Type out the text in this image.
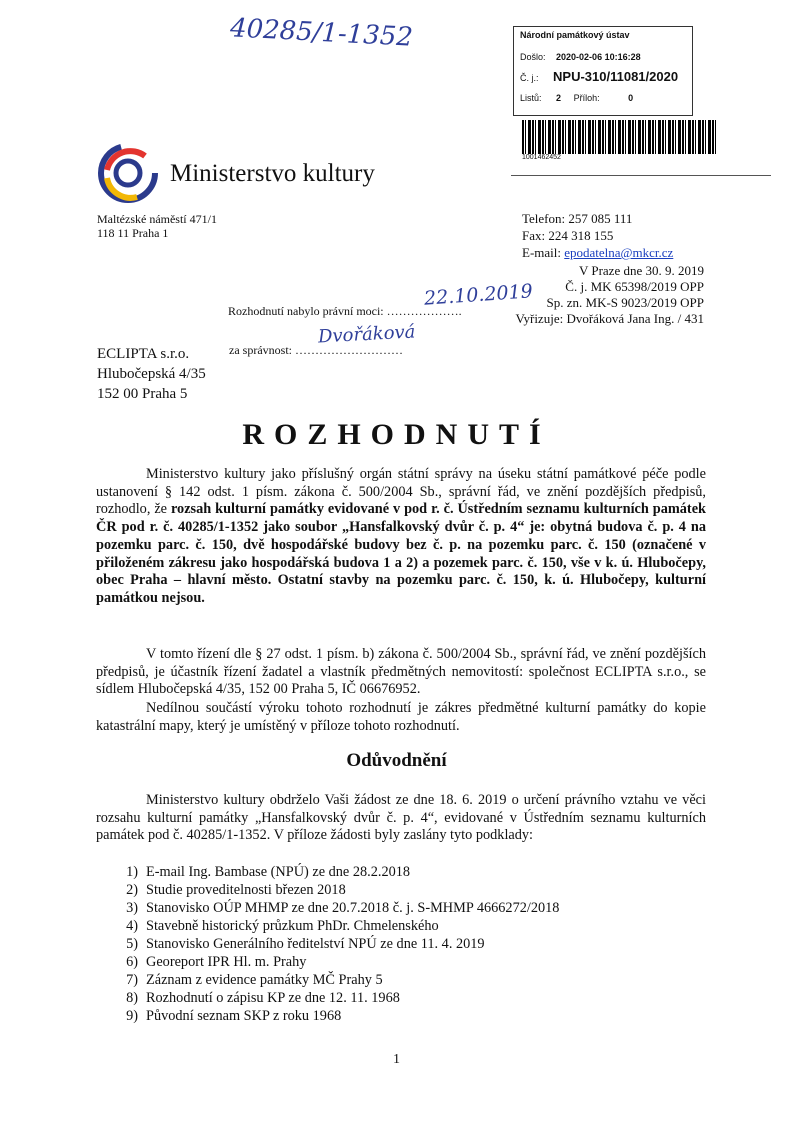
40285/1-1352	Národní památkový ústav
Došlo: 2020-02-06 10:16:28
Č. j.: NPU-310/11081/2020
Listů: 2 Příloh:	0
1001462452
Ministerstvo kultury
Maltézské náměstí 471/1
118 11 Praha 1
Telefon: 257 085 111
Fax: 224 318 155
E-mail: epodatelna@mkcr.cz
V Praze dne 30. 9. 2019
Č. j. MK 65398/2019 OPP
Sp. zn. MK-S 9023/2019 OPP
Vyřizuje: Dvořáková Jana Ing. / 431
Rozhodnutí nabylo právní moci: ……………….
22.10.2019
za správnost: ………………………
Dvořáková
ECLIPTA s.r.o.
Hlubočepská 4/35
152 00 Praha 5
ROZHODNUTÍ
Ministerstvo kultury jako příslušný orgán státní správy na úseku státní památkové péče podle ustanovení § 142 odst. 1 písm. zákona č. 500/2004 Sb., správní řád, ve znění pozdějších předpisů, rozhodlo, že rozsah kulturní památky evidované v pod r. č. Ústředním seznamu kulturních památek ČR pod r. č. 40285/1-1352 jako soubor „Hansfalkovský dvůr č. p. 4“ je: obytná budova č. p. 4 na pozemku parc. č. 150, dvě hospodářské budovy bez č. p. na pozemku parc. č. 150 (označené v přiloženém zákresu jako hospodářská budova 1 a 2) a pozemek parc. č. 150, vše v k. ú. Hlubočepy, obec Praha – hlavní město. Ostatní stavby na pozemku parc. č. 150, k. ú. Hlubočepy, kulturní památkou nejsou.
V tomto řízení dle § 27 odst. 1 písm. b) zákona č. 500/2004 Sb., správní řád, ve znění pozdějších předpisů, je účastník řízení žadatel a vlastník předmětných nemovitostí: společnost ECLIPTA s.r.o., se sídlem Hlubočepská 4/35, 152 00 Praha 5, IČ 06676952.
Nedílnou součástí výroku tohoto rozhodnutí je zákres předmětné kulturní památky do kopie katastrální mapy, který je umístěný v příloze tohoto rozhodnutí.
Odůvodnění
Ministerstvo kultury obdrželo Vaši žádost ze dne 18. 6. 2019 o určení právního vztahu ve věci rozsahu kulturní památky „Hansfalkovský dvůr č. p. 4“, evidované v Ústředním seznamu kulturních památek pod č. 40285/1-1352. V příloze žádosti byly zaslány tyto podklady:
1) E-mail Ing. Bambase (NPÚ) ze dne 28.2.2018
2) Studie proveditelnosti březen 2018
3) Stanovisko OÚP MHMP ze dne 20.7.2018 č. j. S-MHMP 4666272/2018
4) Stavebně historický průzkum PhDr. Chmelenského
5) Stanovisko Generálního ředitelství NPÚ ze dne 11. 4. 2019
6) Georeport IPR Hl. m. Prahy
7) Záznam z evidence památky MČ Prahy 5
8) Rozhodnutí o zápisu KP ze dne 12. 11. 1968
9) Původní seznam SKP z roku 1968
1
